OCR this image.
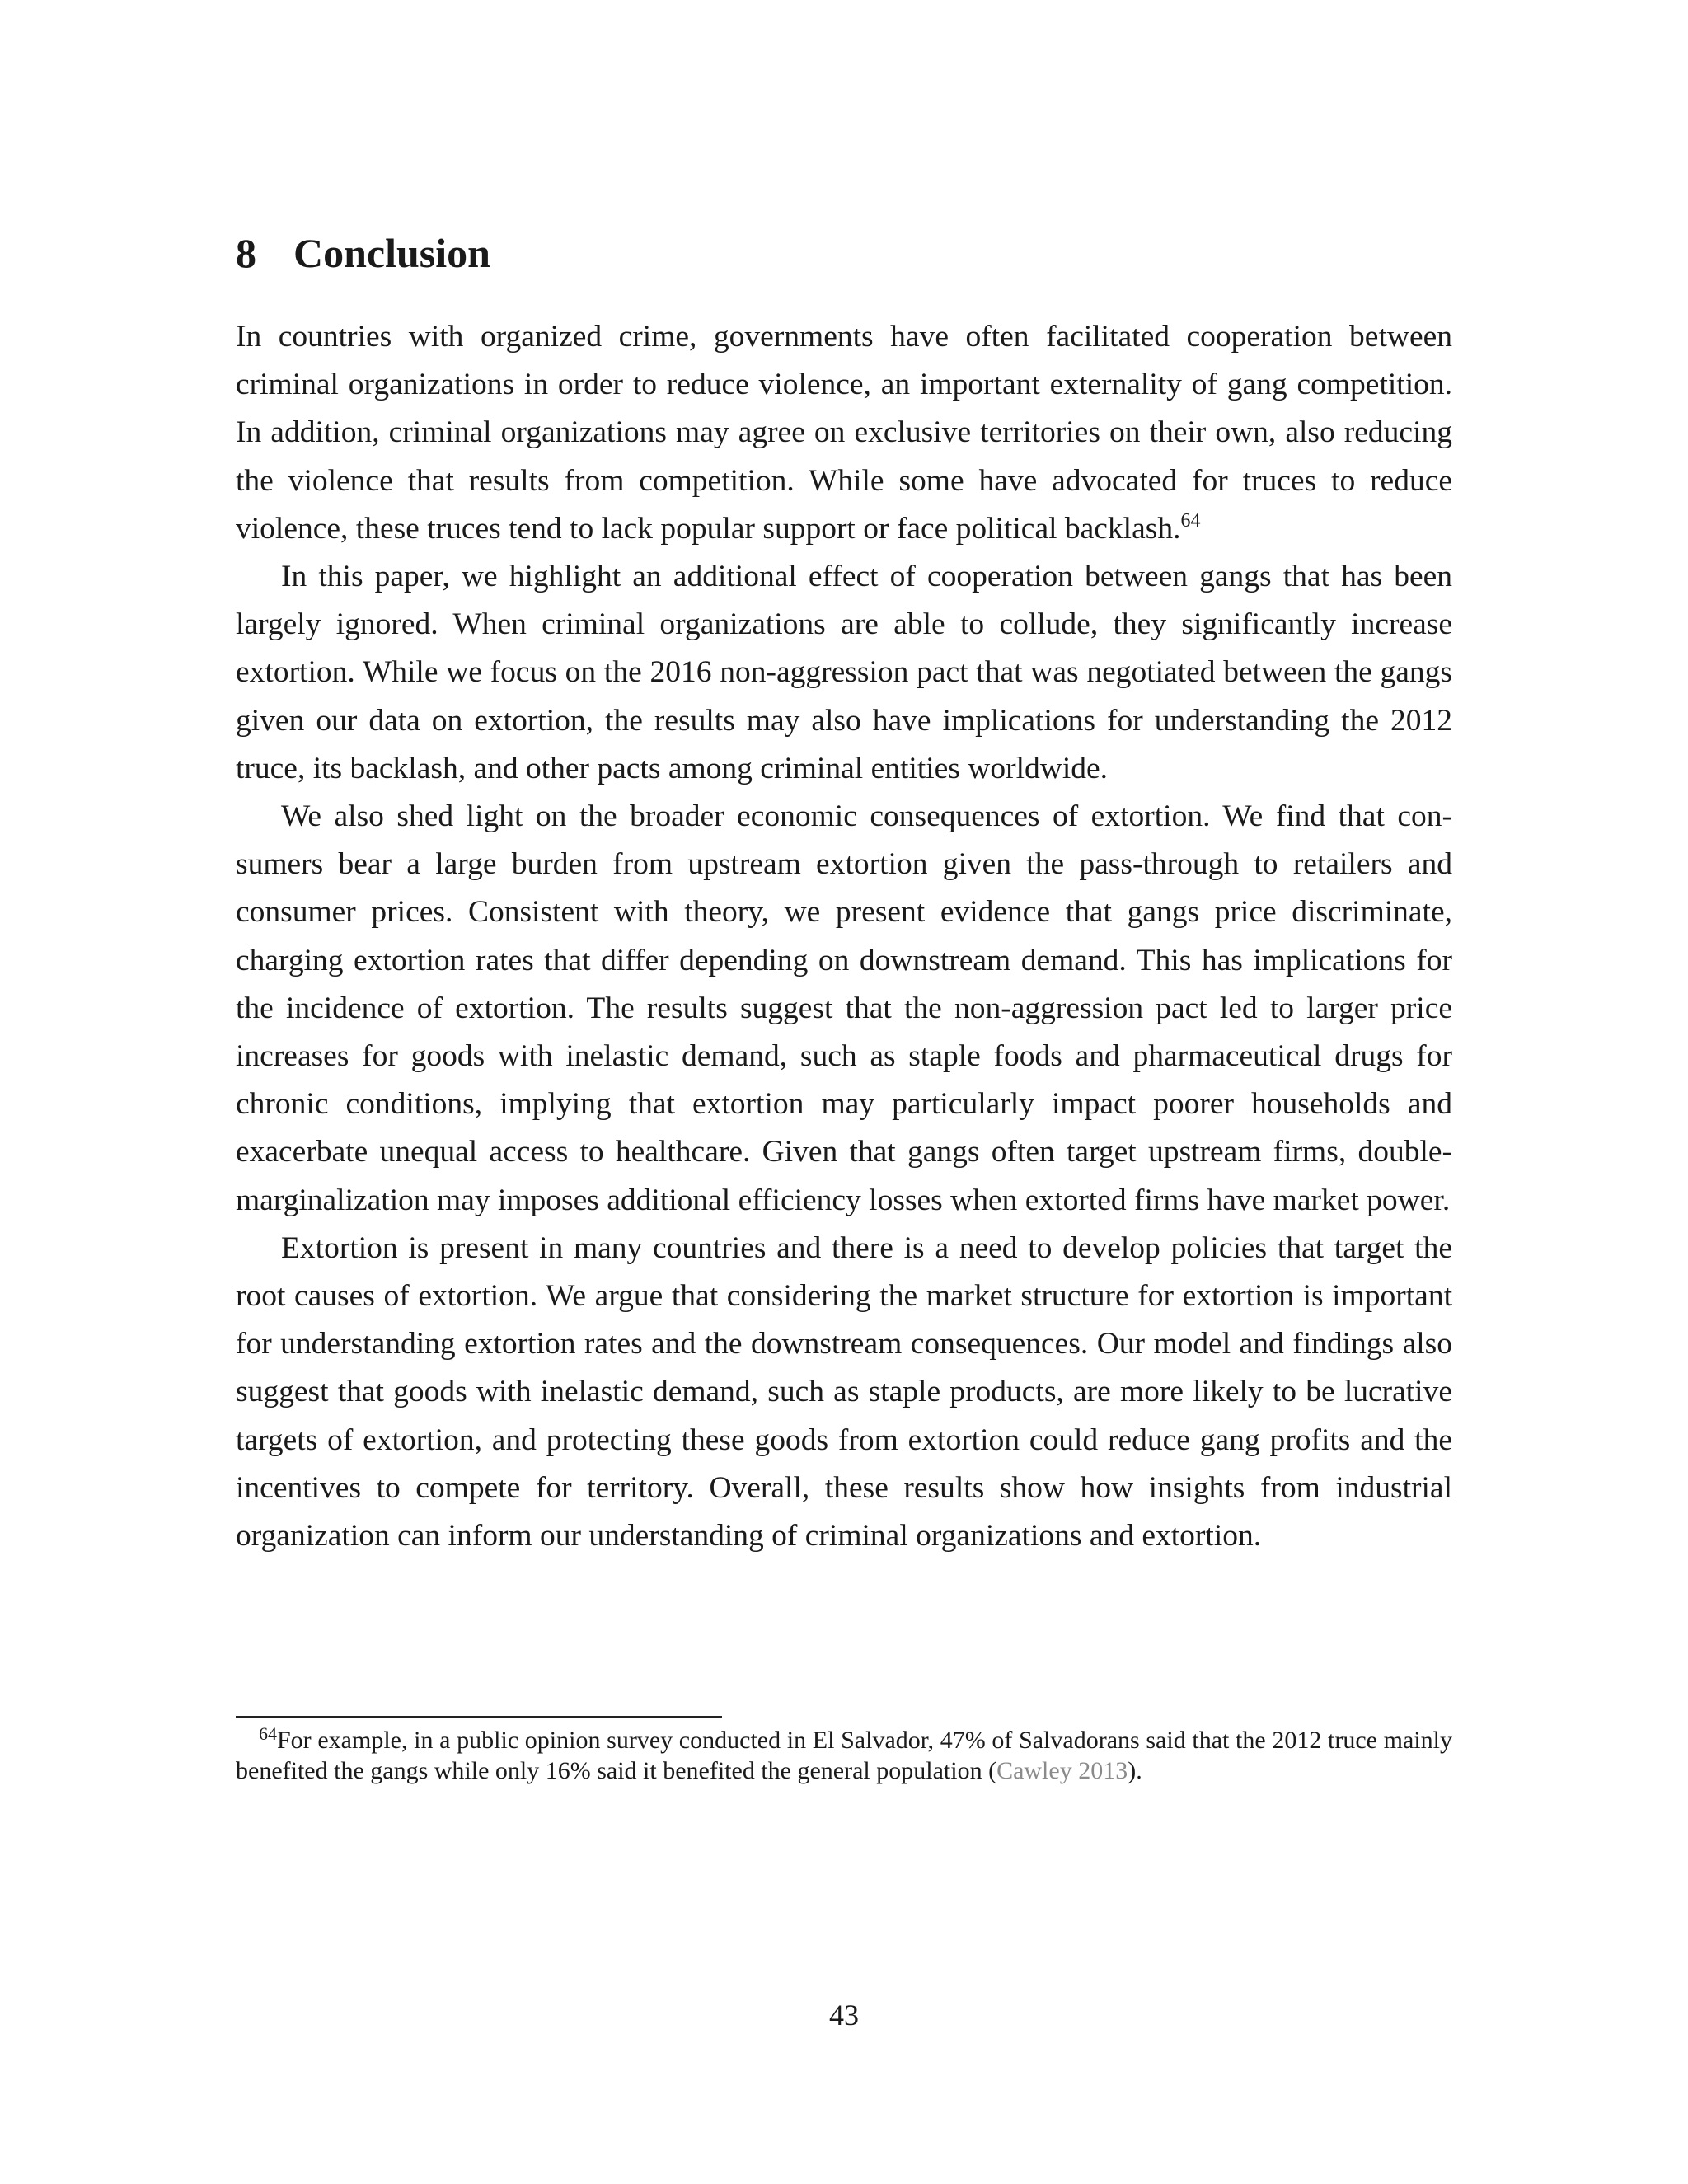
8 Conclusion

In countries with organized crime, governments have often facilitated cooperation between criminal organizations in order to reduce violence, an important externality of gang competition. In addition, criminal organizations may agree on exclusive territories on their own, also reducing the violence that results from competition. While some have advocated for truces to reduce violence, these truces tend to lack popular support or face political backlash.$^{64}$

In this paper, we highlight an additional effect of cooperation between gangs that has been largely ignored. When criminal organizations are able to collude, they significantly increase extortion. While we focus on the 2016 non-aggression pact that was negotiated between the gangs given our data on extortion, the results may also have implications for understanding the 2012 truce, its backlash, and other pacts among criminal entities worldwide.

We also shed light on the broader economic consequences of extortion. We find that consumers bear a large burden from upstream extortion given the pass-through to retailers and consumer prices. Consistent with theory, we present evidence that gangs price discriminate, charging extortion rates that differ depending on downstream demand. This has implications for the incidence of extortion. The results suggest that the non-aggression pact led to larger price increases for goods with inelastic demand, such as staple foods and pharmaceutical drugs for chronic conditions, implying that extortion may particularly impact poorer households and exacerbate unequal access to healthcare. Given that gangs often target upstream firms, double-marginalization may imposes additional efficiency losses when extorted firms have market power.

Extortion is present in many countries and there is a need to develop policies that target the root causes of extortion. We argue that considering the market structure for extortion is important for understanding extortion rates and the downstream consequences. Our model and findings also suggest that goods with inelastic demand, such as staple products, are more likely to be lucrative targets of extortion, and protecting these goods from extortion could reduce gang profits and the incentives to compete for territory. Overall, these results show how insights from industrial organization can inform our understanding of criminal organizations and extortion.

$^{64}$For example, in a public opinion survey conducted in El Salvador, 47% of Salvadorans said that the 2012 truce mainly benefited the gangs while only 16% said it benefited the general population (Cawley 2013).

43
